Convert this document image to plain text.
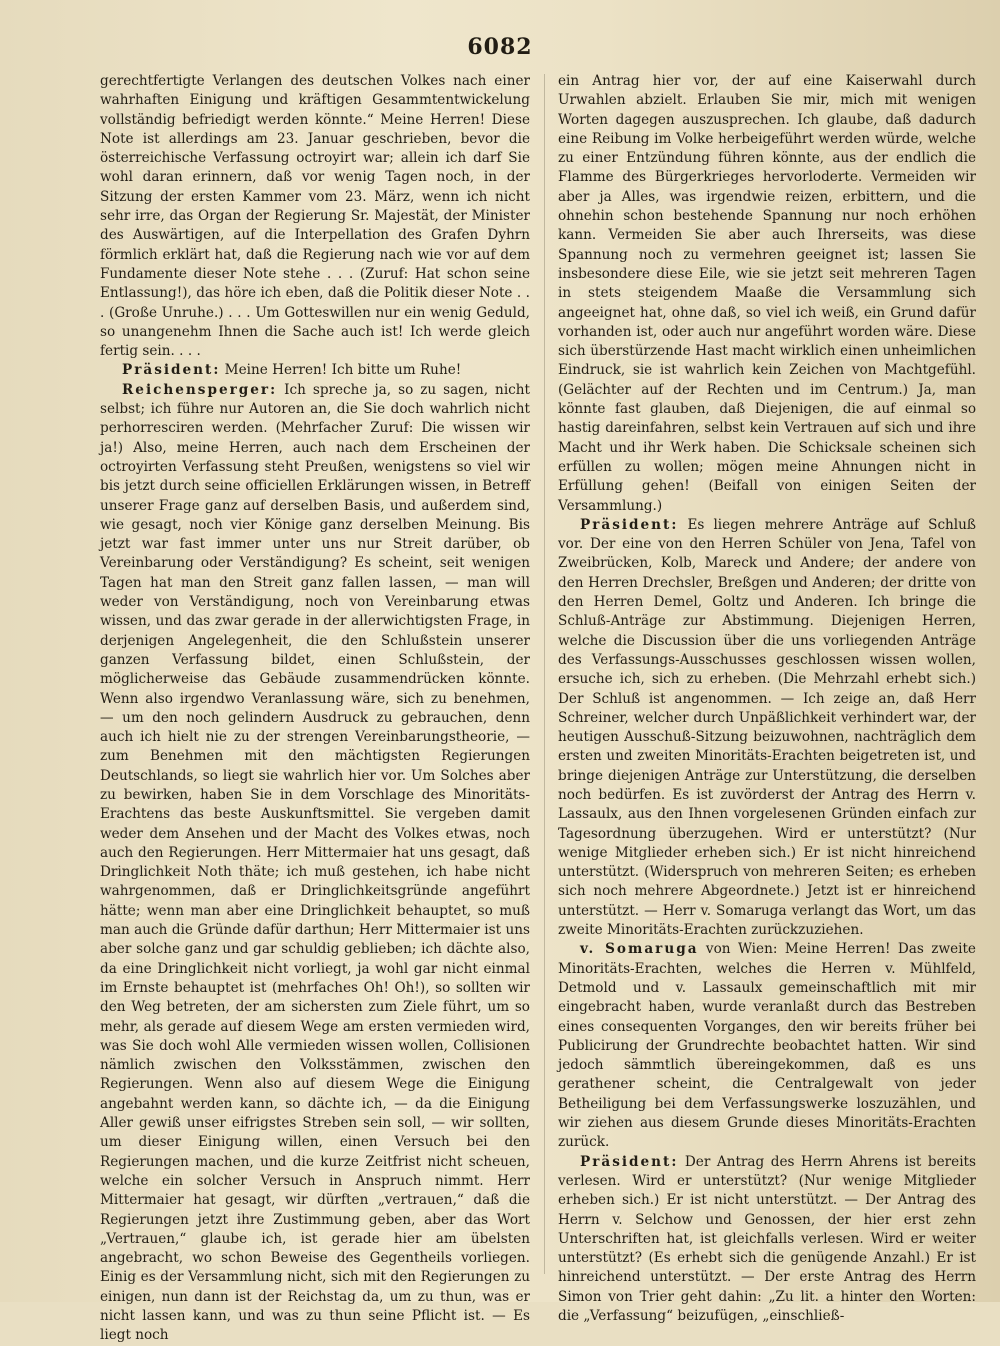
6082

gerechtfertigte Verlangen des deutschen Volkes nach einer wahrhaften Einigung und kräftigen Gesammtentwickelung vollständig befriedigt werden könnte.“ Meine Herren! Diese Note ist allerdings am 23. Januar geschrieben, bevor die österreichische Verfassung octroyirt war; allein ich darf Sie wohl daran erinnern, daß vor wenig Tagen noch, in der Sitzung der ersten Kammer vom 23. März, wenn ich nicht sehr irre, das Organ der Regierung Sr. Majestät, der Minister des Auswärtigen, auf die Interpellation des Grafen Dyhrn förmlich erklärt hat, daß die Regierung nach wie vor auf dem Fundamente dieser Note stehe . . . (Zuruf: Hat schon seine Entlassung!), das höre ich eben, daß die Politik dieser Note . . . (Große Unruhe.) . . . Um Gotteswillen nur ein wenig Geduld, so unangenehm Ihnen die Sache auch ist! Ich werde gleich fertig sein. . . .

Präsident: Meine Herren! Ich bitte um Ruhe!

Reichensperger: Ich spreche ja, so zu sagen, nicht selbst; ich führe nur Autoren an, die Sie doch wahrlich nicht perhorresciren werden. (Mehrfacher Zuruf: Die wissen wir ja!) Also, meine Herren, auch nach dem Erscheinen der octroyirten Verfassung steht Preußen, wenigstens so viel wir bis jetzt durch seine officiellen Erklärungen wissen, in Betreff unserer Frage ganz auf derselben Basis, und außerdem sind, wie gesagt, noch vier Könige ganz derselben Meinung. Bis jetzt war fast immer unter uns nur Streit darüber, ob Vereinbarung oder Verständigung? Es scheint, seit wenigen Tagen hat man den Streit ganz fallen lassen, — man will weder von Verständigung, noch von Vereinbarung etwas wissen, und das zwar gerade in der allerwichtigsten Frage, in derjenigen Angelegenheit, die den Schlußstein unserer ganzen Verfassung bildet, einen Schlußstein, der möglicherweise das Gebäude zusammendrücken könnte. Wenn also irgendwo Veranlassung wäre, sich zu benehmen, — um den noch gelindern Ausdruck zu gebrauchen, denn auch ich hielt nie zu der strengen Vereinbarungstheorie, — zum Benehmen mit den mächtigsten Regierungen Deutschlands, so liegt sie wahrlich hier vor. Um Solches aber zu bewirken, haben Sie in dem Vorschlage des Minoritäts-Erachtens das beste Auskunftsmittel. Sie vergeben damit weder dem Ansehen und der Macht des Volkes etwas, noch auch den Regierungen. Herr Mittermaier hat uns gesagt, daß Dringlichkeit Noth thäte; ich muß gestehen, ich habe nicht wahrgenommen, daß er Dringlichkeitsgründe angeführt hätte; wenn man aber eine Dringlichkeit behauptet, so muß man auch die Gründe dafür darthun; Herr Mittermaier ist uns aber solche ganz und gar schuldig geblieben; ich dächte also, da eine Dringlichkeit nicht vorliegt, ja wohl gar nicht einmal im Ernste behauptet ist (mehrfaches Oh! Oh!), so sollten wir den Weg betreten, der am sichersten zum Ziele führt, um so mehr, als gerade auf diesem Wege am ersten vermieden wird, was Sie doch wohl Alle vermieden wissen wollen, Collisionen nämlich zwischen den Volksstämmen, zwischen den Regierungen. Wenn also auf diesem Wege die Einigung angebahnt werden kann, so dächte ich, — da die Einigung Aller gewiß unser eifrigstes Streben sein soll, — wir sollten, um dieser Einigung willen, einen Versuch bei den Regierungen machen, und die kurze Zeitfrist nicht scheuen, welche ein solcher Versuch in Anspruch nimmt. Herr Mittermaier hat gesagt, wir dürften „vertrauen,“ daß die Regierungen jetzt ihre Zustimmung geben, aber das Wort „Vertrauen,“ glaube ich, ist gerade hier am übelsten angebracht, wo schon Beweise des Gegentheils vorliegen. Einig es der Versammlung nicht, sich mit den Regierungen zu einigen, nun dann ist der Reichstag da, um zu thun, was er nicht lassen kann, und was zu thun seine Pflicht ist. — Es liegt noch

ein Antrag hier vor, der auf eine Kaiserwahl durch Urwahlen abzielt. Erlauben Sie mir, mich mit wenigen Worten dagegen auszusprechen. Ich glaube, daß dadurch eine Reibung im Volke herbeigeführt werden würde, welche zu einer Entzündung führen könnte, aus der endlich die Flamme des Bürgerkrieges hervorloderte. Vermeiden wir aber ja Alles, was irgendwie reizen, erbittern, und die ohnehin schon bestehende Spannung nur noch erhöhen kann. Vermeiden Sie aber auch Ihrerseits, was diese Spannung noch zu vermehren geeignet ist; lassen Sie insbesondere diese Eile, wie sie jetzt seit mehreren Tagen in stets steigendem Maaße die Versammlung sich angeeignet hat, ohne daß, so viel ich weiß, ein Grund dafür vorhanden ist, oder auch nur angeführt worden wäre. Diese sich überstürzende Hast macht wirklich einen unheimlichen Eindruck, sie ist wahrlich kein Zeichen von Machtgefühl. (Gelächter auf der Rechten und im Centrum.) Ja, man könnte fast glauben, daß Diejenigen, die auf einmal so hastig dareinfahren, selbst kein Vertrauen auf sich und ihre Macht und ihr Werk haben. Die Schicksale scheinen sich erfüllen zu wollen; mögen meine Ahnungen nicht in Erfüllung gehen! (Beifall von einigen Seiten der Versammlung.)

Präsident: Es liegen mehrere Anträge auf Schluß vor. Der eine von den Herren Schüler von Jena, Tafel von Zweibrücken, Kolb, Mareck und Andere; der andere von den Herren Drechsler, Breßgen und Anderen; der dritte von den Herren Demel, Goltz und Anderen. Ich bringe die Schluß-Anträge zur Abstimmung. Diejenigen Herren, welche die Discussion über die uns vorliegenden Anträge des Verfassungs-Ausschusses geschlossen wissen wollen, ersuche ich, sich zu erheben. (Die Mehrzahl erhebt sich.) Der Schluß ist angenommen. — Ich zeige an, daß Herr Schreiner, welcher durch Unpäßlichkeit verhindert war, der heutigen Ausschuß-Sitzung beizuwohnen, nachträglich dem ersten und zweiten Minoritäts-Erachten beigetreten ist, und bringe diejenigen Anträge zur Unterstützung, die derselben noch bedürfen. Es ist zuvörderst der Antrag des Herrn v. Lassaulx, aus den Ihnen vorgelesenen Gründen einfach zur Tagesordnung überzugehen. Wird er unterstützt? (Nur wenige Mitglieder erheben sich.) Er ist nicht hinreichend unterstützt. (Widerspruch von mehreren Seiten; es erheben sich noch mehrere Abgeordnete.) Jetzt ist er hinreichend unterstützt. — Herr v. Somaruga verlangt das Wort, um das zweite Minoritäts-Erachten zurückzuziehen.

v. Somaruga von Wien: Meine Herren! Das zweite Minoritäts-Erachten, welches die Herren v. Mühlfeld, Detmold und v. Lassaulx gemeinschaftlich mit mir eingebracht haben, wurde veranlaßt durch das Bestreben eines consequenten Vorganges, den wir bereits früher bei Publicirung der Grundrechte beobachtet hatten. Wir sind jedoch sämmtlich übereingekommen, daß es uns gerathener scheint, die Centralgewalt von jeder Betheiligung bei dem Verfassungswerke loszuzählen, und wir ziehen aus diesem Grunde dieses Minoritäts-Erachten zurück.

Präsident: Der Antrag des Herrn Ahrens ist bereits verlesen. Wird er unterstützt? (Nur wenige Mitglieder erheben sich.) Er ist nicht unterstützt. — Der Antrag des Herrn v. Selchow und Genossen, der hier erst zehn Unterschriften hat, ist gleichfalls verlesen. Wird er weiter unterstützt? (Es erhebt sich die genügende Anzahl.) Er ist hinreichend unterstützt. — Der erste Antrag des Herrn Simon von Trier geht dahin: „Zu lit. a hinter den Worten: die „Verfassung“ beizufügen, „einschließ-
